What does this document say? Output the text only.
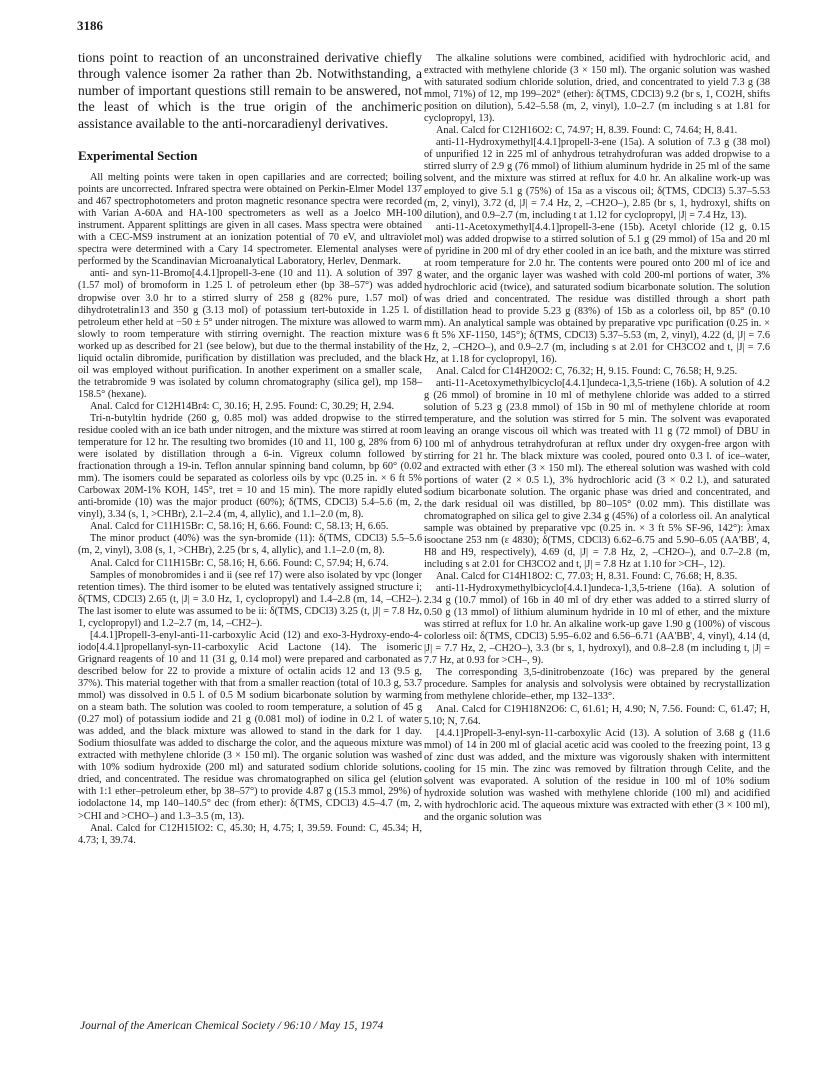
3186

tions point to reaction of an unconstrained derivative chiefly through valence isomer 2a rather than 2b. Notwithstanding, a number of important questions still remain to be answered, not the least of which is the true origin of the anchimeric assistance available to the anti-norcaradienyl derivatives.

Experimental Section

All melting points were taken in open capillaries and are corrected; boiling points are uncorrected. Infrared spectra were obtained on Perkin-Elmer Model 137 and 467 spectrophotometers and proton magnetic resonance spectra were recorded with Varian A-60A and HA-100 spectrometers as well as a Joelco MH-100 instrument. Apparent splittings are given in all cases. Mass spectra were obtained with a CEC-MS9 instrument at an ionization potential of 70 eV, and ultraviolet spectra were determined with a Cary 14 spectrometer. Elemental analyses were performed by the Scandinavian Microanalytical Laboratory, Herlev, Denmark.

anti- and syn-11-Bromo[4.4.1]propell-3-ene (10 and 11). A solution of 397 g (1.57 mol) of bromoform in 1.25 l. of petroleum ether (bp 38–57°) was added dropwise over 3.0 hr to a stirred slurry of 258 g (82% pure, 1.57 mol) of dihydrotetralin13 and 350 g (3.13 mol) of potassium tert-butoxide in 1.25 l. of petroleum ether held at −50 ± 5° under nitrogen. The mixture was allowed to warm slowly to room temperature with stirring overnight. The reaction mixture was worked up as described for 21 (see below), but due to the thermal instability of the liquid octalin dibromide, purification by distillation was precluded, and the black oil was employed without purification. In another experiment on a smaller scale, the tetrabromide 9 was isolated by column chromatography (silica gel), mp 158–158.5° (hexane).

Anal. Calcd for C12H14Br4: C, 30.16; H, 2.95. Found: C, 30.29; H, 2.94.

Tri-n-butyltin hydride (260 g, 0.85 mol) was added dropwise to the stirred residue cooled with an ice bath under nitrogen, and the mixture was stirred at room temperature for 12 hr. The resulting two bromides (10 and 11, 100 g, 28% from 6) were isolated by distillation through a 6-in. Vigreux column followed by fractionation through a 19-in. Teflon annular spinning band column, bp 60° (0.02 mm). The isomers could be separated as colorless oils by vpc (0.25 in. × 6 ft 5% Carbowax 20M-1% KOH, 145°, tret = 10 and 15 min). The more rapidly eluted anti-bromide (10) was the major product (60%); δ(TMS, CDCl3) 5.4–5.6 (m, 2, vinyl), 3.34 (s, 1, >CHBr), 2.1–2.4 (m, 4, allylic), and 1.1–2.0 (m, 8).

Anal. Calcd for C11H15Br: C, 58.16; H, 6.66. Found: C, 58.13; H, 6.65.

The minor product (40%) was the syn-bromide (11): δ(TMS, CDCl3) 5.5–5.6 (m, 2, vinyl), 3.08 (s, 1, >CHBr), 2.25 (br s, 4, allylic), and 1.1–2.0 (m, 8).

Anal. Calcd for C11H15Br: C, 58.16; H, 6.66. Found: C, 57.94; H, 6.74.

Samples of monobromides i and ii (see ref 17) were also isolated by vpc (longer retention times). The third isomer to be eluted was tentatively assigned structure i; δ(TMS, CDCl3) 2.65 (t, |J| = 3.0 Hz, 1, cyclopropyl) and 1.4–2.8 (m, 14, –CH2–). The last isomer to elute was assumed to be ii: δ(TMS, CDCl3) 3.25 (t, |J| = 7.8 Hz, 1, cyclopropyl) and 1.2–2.7 (m, 14, –CH2–).

[4.4.1]Propell-3-enyl-anti-11-carboxylic Acid (12) and exo-3-Hydroxy-endo-4-iodo[4.4.1]propellanyl-syn-11-carboxylic Acid Lactone (14). The isomeric Grignard reagents of 10 and 11 (31 g, 0.14 mol) were prepared and carbonated as described below for 22 to provide a mixture of octalin acids 12 and 13 (9.5 g, 37%). This material together with that from a smaller reaction (total of 10.3 g, 53.7 mmol) was dissolved in 0.5 l. of 0.5 M sodium bicarbonate solution by warming on a steam bath. The solution was cooled to room temperature, a solution of 45 g (0.27 mol) of potassium iodide and 21 g (0.081 mol) of iodine in 0.2 l. of water was added, and the black mixture was allowed to stand in the dark for 1 day. Sodium thiosulfate was added to discharge the color, and the aqueous mixture was extracted with methylene chloride (3 × 150 ml). The organic solution was washed with 10% sodium hydroxide (200 ml) and saturated sodium chloride solutions, dried, and concentrated. The residue was chromatographed on silica gel (elution with 1:1 ether–petroleum ether, bp 38–57°) to provide 4.87 g (15.3 mmol, 29%) of iodolactone 14, mp 140–140.5° dec (from ether): δ(TMS, CDCl3) 4.5–4.7 (m, 2, >CHI and >CHO–) and 1.3–3.5 (m, 13).

Anal. Calcd for C12H15IO2: C, 45.30; H, 4.75; I, 39.59. Found: C, 45.34; H, 4.73; I, 39.74.

The alkaline solutions were combined, acidified with hydrochloric acid, and extracted with methylene chloride (3 × 150 ml). The organic solution was washed with saturated sodium chloride solution, dried, and concentrated to yield 7.3 g (38 mmol, 71%) of 12, mp 199–202° (ether): δ(TMS, CDCl3) 9.2 (br s, 1, CO2H, shifts position on dilution), 5.42–5.58 (m, 2, vinyl), 1.0–2.7 (m including s at 1.81 for cyclopropyl, 13).

Anal. Calcd for C12H16O2: C, 74.97; H, 8.39. Found: C, 74.64; H, 8.41.

anti-11-Hydroxymethyl[4.4.1]propell-3-ene (15a). A solution of 7.3 g (38 mol) of unpurified 12 in 225 ml of anhydrous tetrahydrofuran was added dropwise to a stirred slurry of 2.9 g (76 mmol) of lithium aluminum hydride in 25 ml of the same solvent, and the mixture was stirred at reflux for 4.0 hr. An alkaline work-up was employed to give 5.1 g (75%) of 15a as a viscous oil; δ(TMS, CDCl3) 5.37–5.53 (m, 2, vinyl), 3.72 (d, |J| = 7.4 Hz, 2, –CH2O–), 2.85 (br s, 1, hydroxyl, shifts on dilution), and 0.9–2.7 (m, including t at 1.12 for cyclopropyl, |J| = 7.4 Hz, 13).

anti-11-Acetoxymethyl[4.4.1]propell-3-ene (15b). Acetyl chloride (12 g, 0.15 mol) was added dropwise to a stirred solution of 5.1 g (29 mmol) of 15a and 20 ml of pyridine in 200 ml of dry ether cooled in an ice bath, and the mixture was stirred at room temperature for 2.0 hr. The contents were poured onto 200 ml of ice and water, and the organic layer was washed with cold 200-ml portions of water, 3% hydrochloric acid (twice), and saturated sodium bicarbonate solution. The solution was dried and concentrated. The residue was distilled through a short path distillation head to provide 5.23 g (83%) of 15b as a colorless oil, bp 85° (0.10 mm). An analytical sample was obtained by preparative vpc purification (0.25 in. × 6 ft 5% XF-1150, 145°); δ(TMS, CDCl3) 5.37–5.53 (m, 2, vinyl), 4.22 (d, |J| = 7.6 Hz, 2, –CH2O–), and 0.9–2.7 (m, including s at 2.01 for CH3CO2 and t, |J| = 7.6 Hz, at 1.18 for cyclopropyl, 16).

Anal. Calcd for C14H20O2: C, 76.32; H, 9.15. Found: C, 76.58; H, 9.25.

anti-11-Acetoxymethylbicyclo[4.4.1]undeca-1,3,5-triene (16b). A solution of 4.2 g (26 mmol) of bromine in 10 ml of methylene chloride was added to a stirred solution of 5.23 g (23.8 mmol) of 15b in 90 ml of methylene chloride at room temperature, and the solution was stirred for 5 min. The solvent was evaporated leaving an orange viscous oil which was treated with 11 g (72 mmol) of DBU in 100 ml of anhydrous tetrahydrofuran at reflux under dry oxygen-free argon with stirring for 21 hr. The black mixture was cooled, poured onto 0.3 l. of ice–water, and extracted with ether (3 × 150 ml). The ethereal solution was washed with cold portions of water (2 × 0.5 l.), 3% hydrochloric acid (3 × 0.2 l.), and saturated sodium bicarbonate solution. The organic phase was dried and concentrated, and the dark residual oil was distilled, bp 80–105° (0.02 mm). This distillate was chromatographed on silica gel to give 2.34 g (45%) of a colorless oil. An analytical sample was obtained by preparative vpc (0.25 in. × 3 ft 5% SF-96, 142°): λmax isooctane 253 nm (ε 4830); δ(TMS, CDCl3) 6.62–6.75 and 5.90–6.05 (AA'BB', 4, H8 and H9, respectively), 4.69 (d, |J| = 7.8 Hz, 2, –CH2O–), and 0.7–2.8 (m, including s at 2.01 for CH3CO2 and t, |J| = 7.8 Hz at 1.10 for >CH–, 12).

Anal. Calcd for C14H18O2: C, 77.03; H, 8.31. Found: C, 76.68; H, 8.35.

anti-11-Hydroxymethylbicyclo[4.4.1]undeca-1,3,5-triene (16a). A solution of 2.34 g (10.7 mmol) of 16b in 40 ml of dry ether was added to a stirred slurry of 0.50 g (13 mmol) of lithium aluminum hydride in 10 ml of ether, and the mixture was stirred at reflux for 1.0 hr. An alkaline work-up gave 1.90 g (100%) of viscous colorless oil: δ(TMS, CDCl3) 5.95–6.02 and 6.56–6.71 (AA'BB', 4, vinyl), 4.14 (d, |J| = 7.7 Hz, 2, –CH2O–), 3.3 (br s, 1, hydroxyl), and 0.8–2.8 (m including t, |J| = 7.7 Hz, at 0.93 for >CH–, 9).

The corresponding 3,5-dinitrobenzoate (16c) was prepared by the general procedure. Samples for analysis and solvolysis were obtained by recrystallization from methylene chloride–ether, mp 132–133°.

Anal. Calcd for C19H18N2O6: C, 61.61; H, 4.90; N, 7.56. Found: C, 61.47; H, 5.10; N, 7.64.

[4.4.1]Propell-3-enyl-syn-11-carboxylic Acid (13). A solution of 3.68 g (11.6 mmol) of 14 in 200 ml of glacial acetic acid was cooled to the freezing point, 13 g of zinc dust was added, and the mixture was vigorously shaken with intermittent cooling for 15 min. The zinc was removed by filtration through Celite, and the solvent was evaporated. A solution of the residue in 100 ml of 10% sodium hydroxide solution was washed with methylene chloride (100 ml) and acidified with hydrochloric acid. The aqueous mixture was extracted with ether (3 × 100 ml), and the organic solution was

Journal of the American Chemical Society / 96:10 / May 15, 1974
